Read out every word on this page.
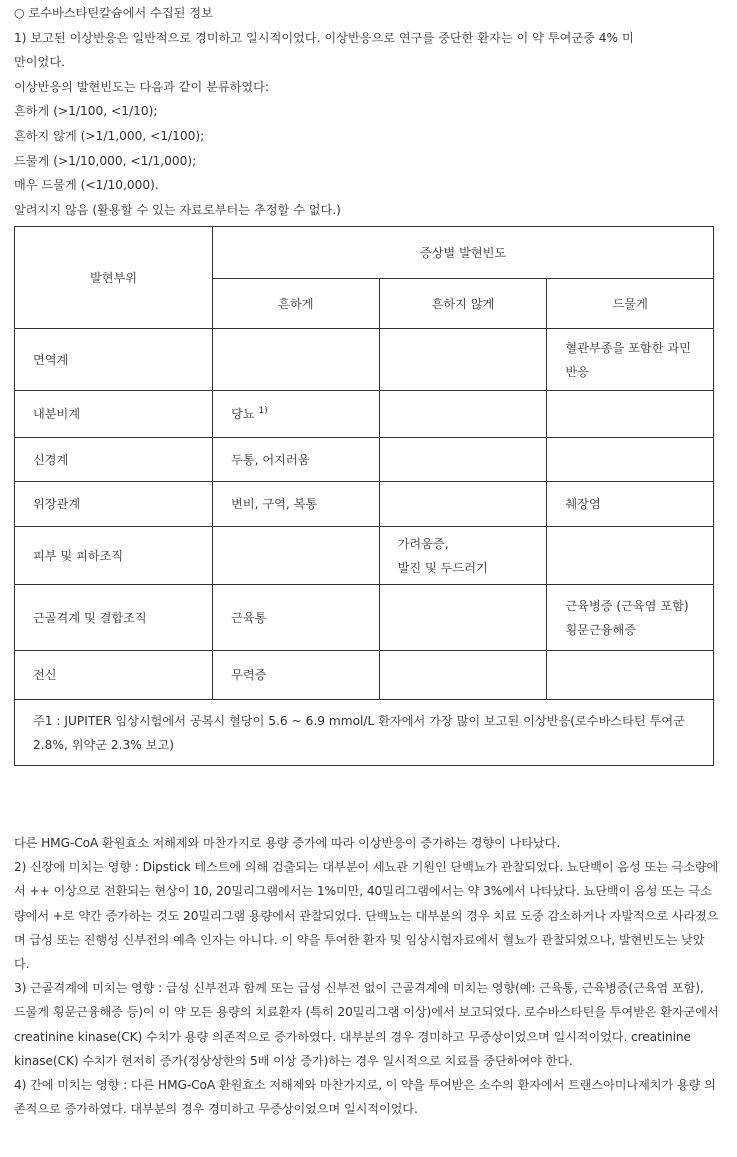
○ 로수바스타틴칼슘에서 수집된 정보
1) 보고된 이상반응은 일반적으로 경미하고 일시적이었다. 이상반응으로 연구를 중단한 환자는 이 약 투여군중 4% 미
만이었다.
이상반응의 발현빈도는 다음과 같이 분류하였다:
흔하게 (>1/100, <1/10);
흔하지 않게 (>1/1,000, <1/100);
드물게 (>1/10,000, <1/1,000);
매우 드물게 (<1/10,000).
알려지지 않음 (활용할 수 있는 자료로부터는 추정할 수 없다.)
발현부위	증상별 발현빈도		
	흔하게	흔하지 않게	드물게
면역계			혈관부종을 포함한 과민반응
내분비계	당뇨 $^{1)}$		
신경계	두통, 어지러움		
위장관계	변비, 구역, 복통		췌장염
피부 및 피하조직		가려움증,
발진 및 두드러기	

근골격계 및 결합조직	근육통		근육병증 (근육염 포함)
횡문근융해증

전신	무력증		
주1 : JUPITER 임상시험에서 공복시 혈당이 5.6 ~ 6.9 mmol/L 환자에서 가장 많이 보고된 이상반응(로수바스타틴 투여군 2.8%, 위약군 2.3% 보고)			
다른 HMG-CoA 환원효소 저해제와 마찬가지로 용량 증가에 따라 이상반응이 증가하는 경향이 나타났다.
2) 신장에 미치는 영향 : Dipstick 테스트에 의해 검출되는 대부분이 세뇨관 기원인 단백뇨가 관찰되었다. 뇨단백이 음성 또는 극소량에서 ++ 이상으로 전환되는 현상이 10, 20밀리그램에서는 1%미만, 40밀리그램에서는 약 3%에서 나타났다. 뇨단백이 음성 또는 극소량에서 +로 약간 증가하는 것도 20밀리그램 용량에서 관찰되었다. 단백뇨는 대부분의 경우 치료 도중 감소하거나 자발적으로 사라졌으며 급성 또는 진행성 신부전의 예측 인자는 아니다. 이 약을 투여한 환자 및 임상시험자료에서 혈뇨가 관찰되었으나, 발현빈도는 낮았다.
3) 근골격계에 미치는 영향 : 급성 신부전과 함께 또는 급성 신부전 없이 근골격계에 미치는 영향(예: 근육통, 근육병증(근육염 포함), 드물게 횡문근융해증 등)이 이 약 모든 용량의 치료환자 (특히 20밀리그램 이상)에서 보고되었다. 로수바스타틴을 투여받은 환자군에서 creatinine kinase(CK) 수치가 용량 의존적으로 증가하였다. 대부분의 경우 경미하고 무증상이었으며 일시적이었다. creatinine kinase(CK) 수치가 현저히 증가(정상상한의 5배 이상 증가)하는 경우 일시적으로 치료를 중단하여야 한다.
4) 간에 미치는 영향 : 다른 HMG-CoA 환원효소 저해제와 마찬가지로, 이 약을 투여받은 소수의 환자에서 트랜스아미나제치가 용량 의존적으로 증가하였다. 대부분의 경우 경미하고 무증상이었으며 일시적이었다.
